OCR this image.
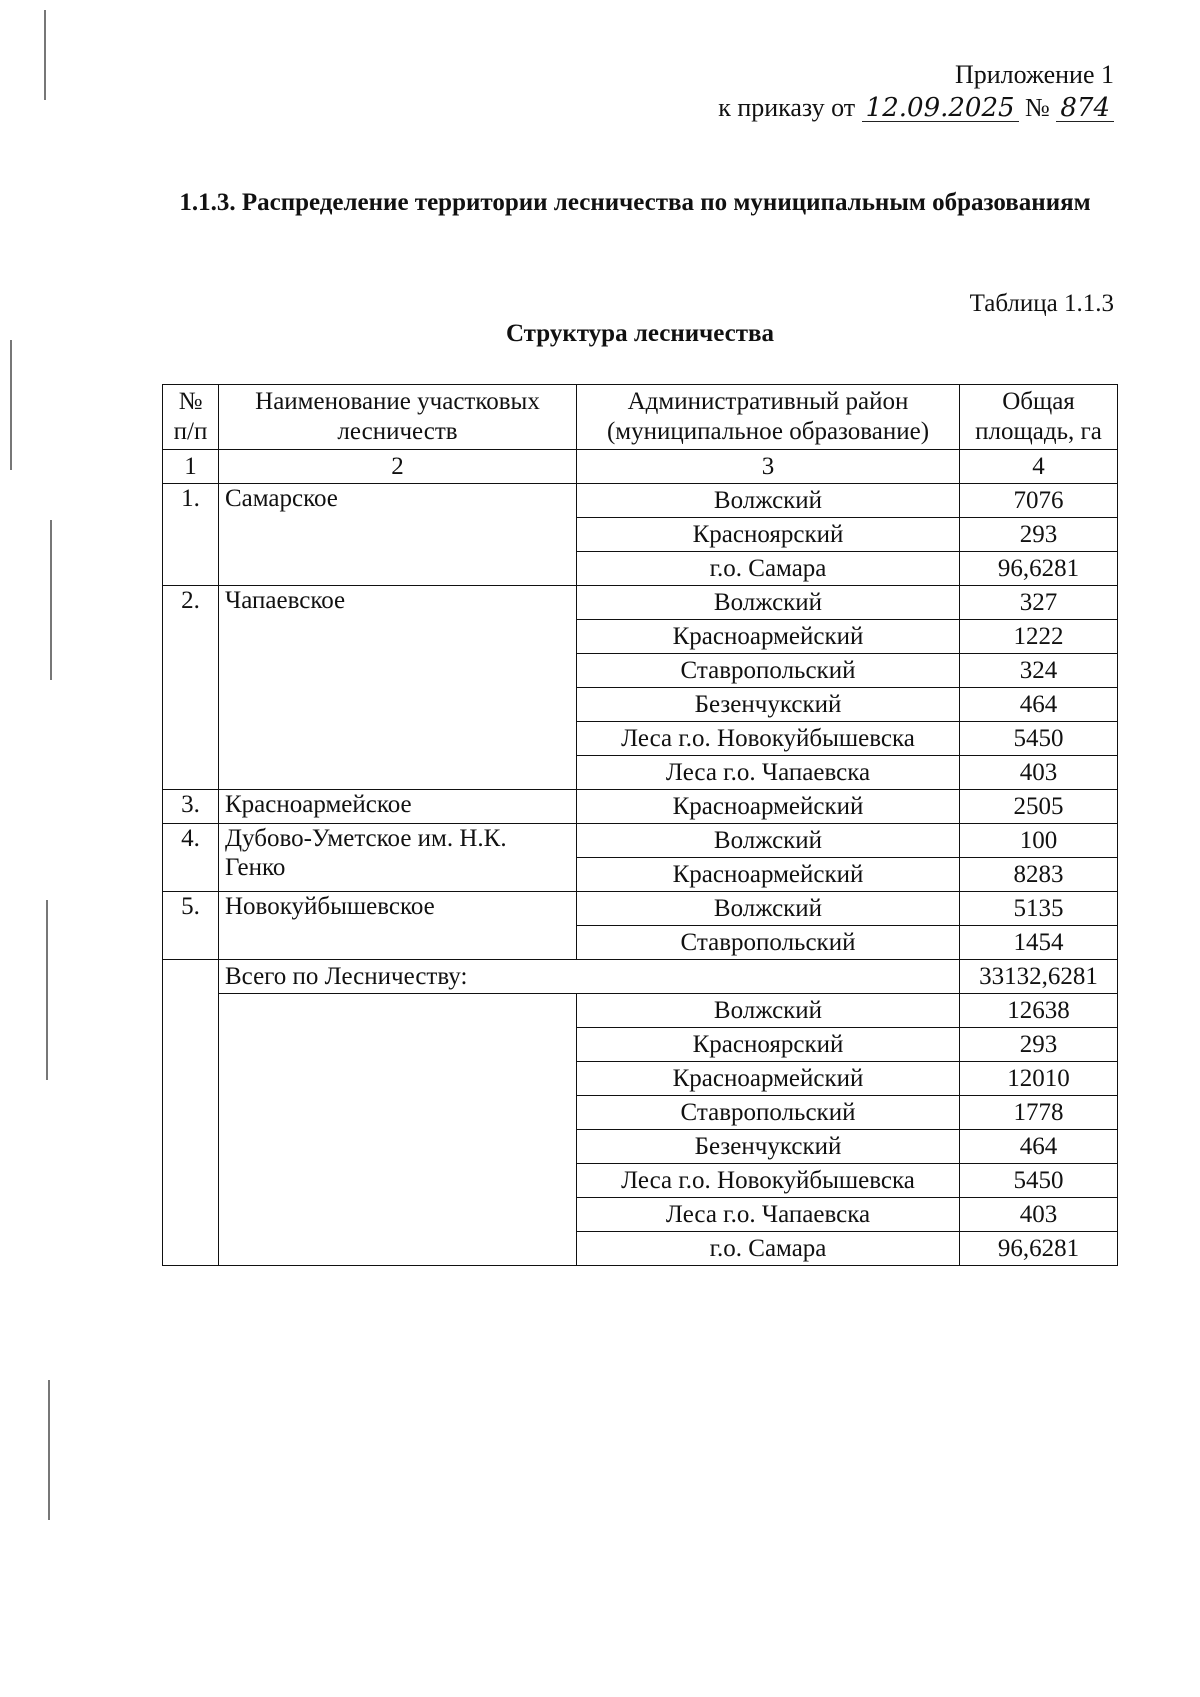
Приложение 1
к приказу от 12.09.2025 № 874
1.1.3. Распределение территории лесничества по муниципальным образованиям
Таблица 1.1.3
Структура лесничества
№ п/п	Наименование участковых лесничеств	Административный район (муниципальное образование)	Общая площадь, га
1	2	3	4
1.	Самарское	Волжский	7076
		Красноярский	293
		г.о. Самара	96,6281
2.	Чапаевское	Волжский	327
		Красноармейский	1222
		Ставропольский	324
		Безенчукский	464
		Леса г.о. Новокуйбышевска	5450
		Леса г.о. Чапаевска	403
3.	Красноармейское	Красноармейский	2505
4.	Дубово-Уметское им. Н.К. Генко	Волжский	100
		Красноармейский	8283
5.	Новокуйбышевское	Волжский	5135
		Ставропольский	1454
	Всего по Лесничеству:		33132,6281
		Волжский	12638
		Красноярский	293
		Красноармейский	12010
		Ставропольский	1778
		Безенчукский	464
		Леса г.о. Новокуйбышевска	5450
		Леса г.о. Чапаевска	403
		г.о. Самара	96,6281
